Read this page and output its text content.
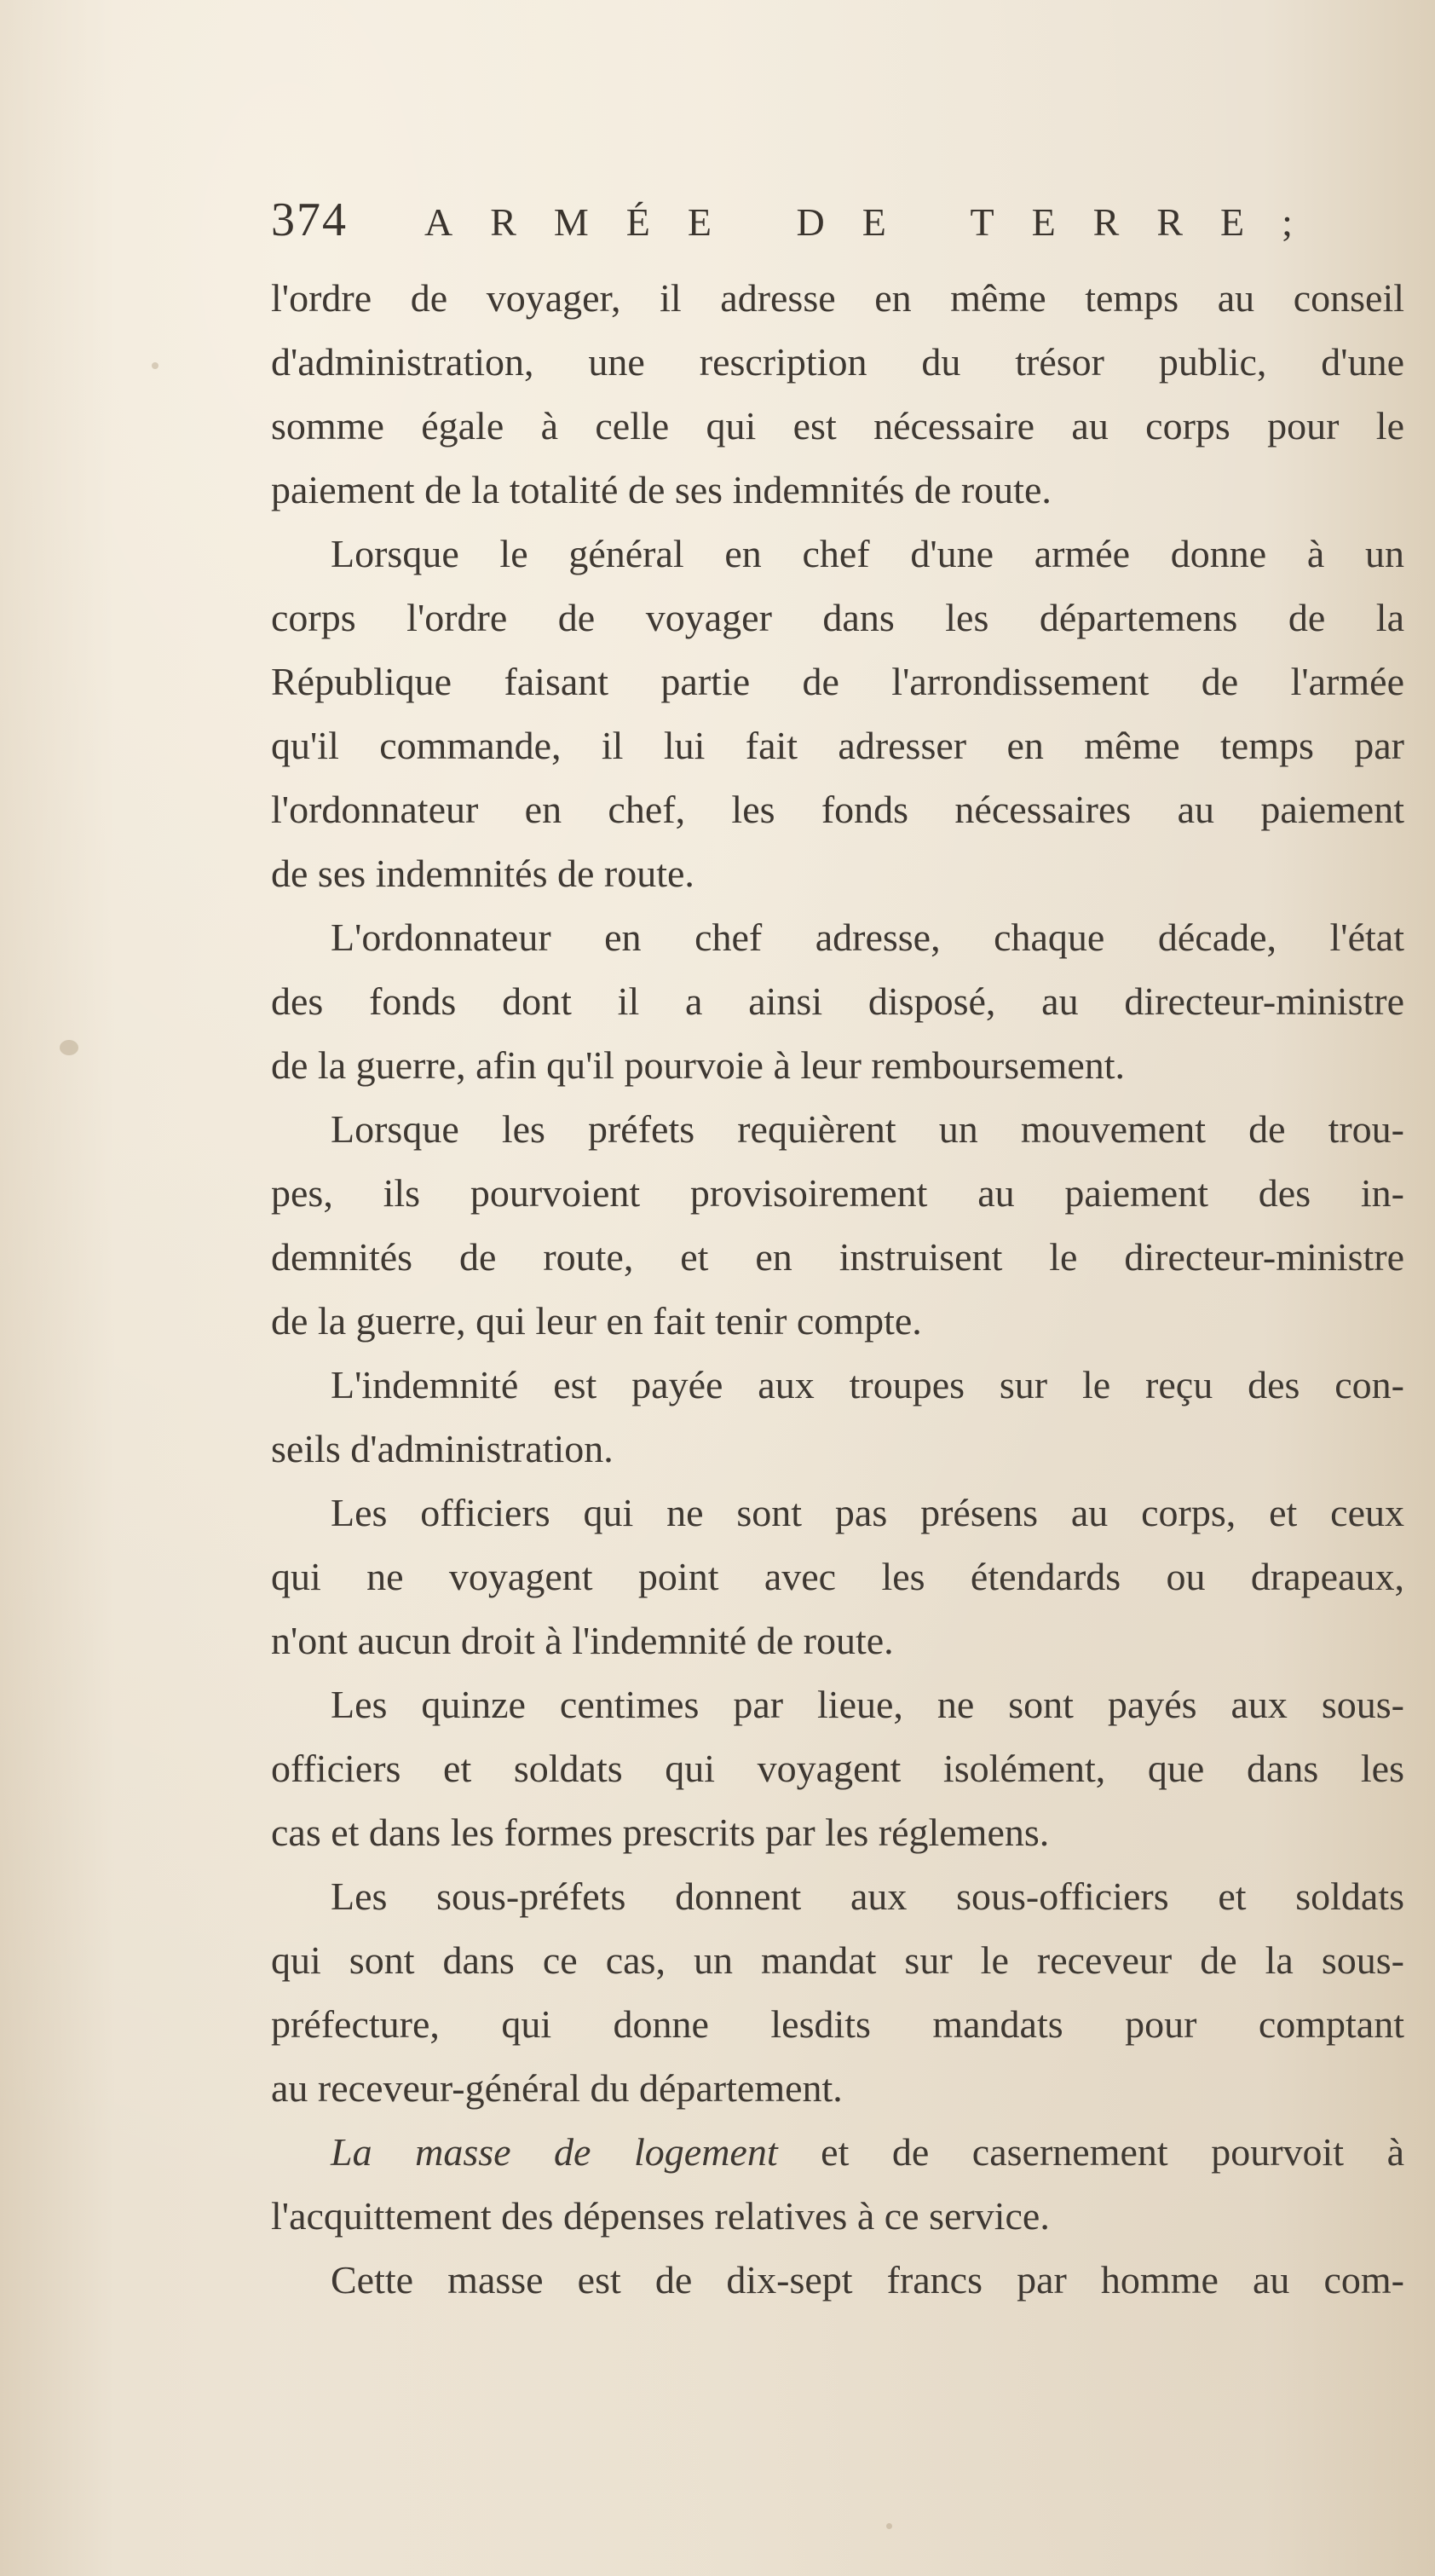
374 ARMÉE DE TERRE;
l'ordre de voyager, il adresse en même temps au conseil
d'administration, une rescription du trésor public, d'une
somme égale à celle qui est nécessaire au corps pour le
paiement de la totalité de ses indemnités de route.
Lorsque le général en chef d'une armée donne à un
corps l'ordre de voyager dans les départemens de la
République faisant partie de l'arrondissement de l'armée
qu'il commande, il lui fait adresser en même temps par
l'ordonnateur en chef, les fonds nécessaires au paiement
de ses indemnités de route.
L'ordonnateur en chef adresse, chaque décade, l'état
des fonds dont il a ainsi disposé, au directeur-ministre
de la guerre, afin qu'il pourvoie à leur remboursement.
Lorsque les préfets requièrent un mouvement de trou-
pes, ils pourvoient provisoirement au paiement des in-
demnités de route, et en instruisent le directeur-ministre
de la guerre, qui leur en fait tenir compte.
L'indemnité est payée aux troupes sur le reçu des con-
seils d'administration.
Les officiers qui ne sont pas présens au corps, et ceux
qui ne voyagent point avec les étendards ou drapeaux,
n'ont aucun droit à l'indemnité de route.
Les quinze centimes par lieue, ne sont payés aux sous-
officiers et soldats qui voyagent isolément, que dans les
cas et dans les formes prescrits par les réglemens.
Les sous-préfets donnent aux sous-officiers et soldats
qui sont dans ce cas, un mandat sur le receveur de la sous-
préfecture, qui donne lesdits mandats pour comptant
au receveur-général du département.
La masse de logement et de casernement pourvoit à
l'acquittement des dépenses relatives à ce service.
Cette masse est de dix-sept francs par homme au com-
